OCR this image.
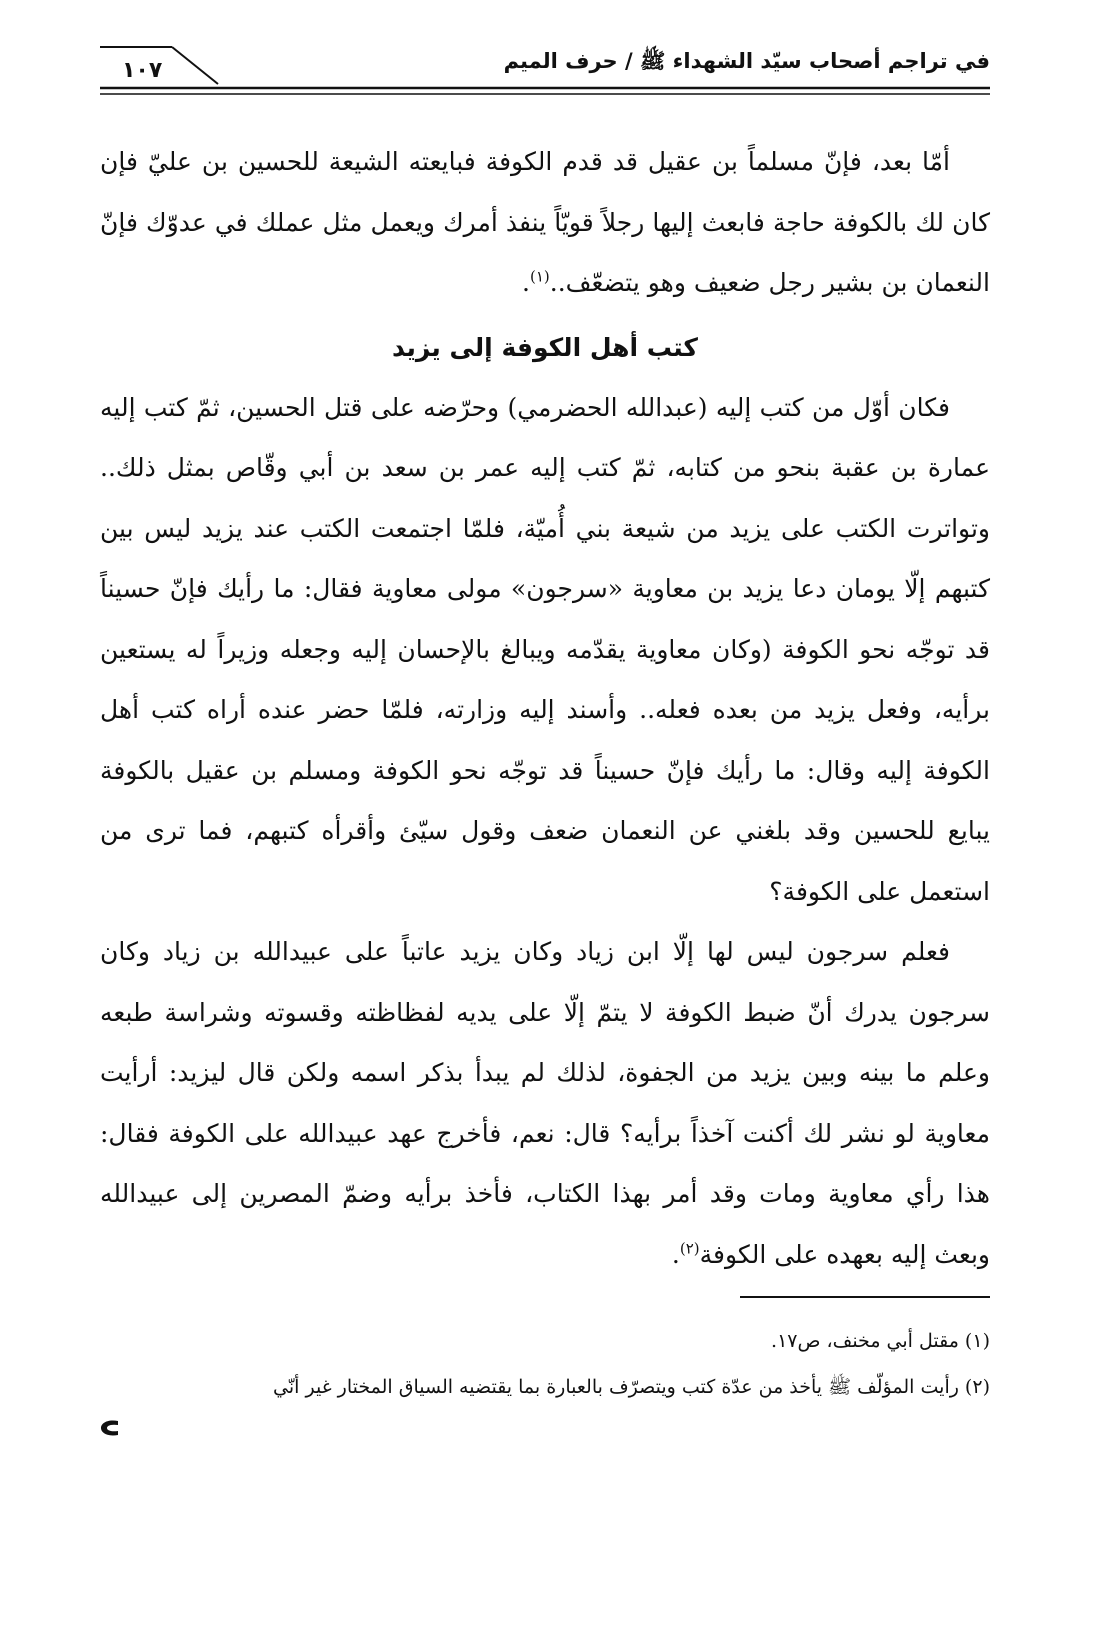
في تراجم أصحاب سيّد الشهداء ﷺ / حرف الميم
١٠٧

أمّا بعد، فإنّ مسلماً بن عقيل قد قدم الكوفة فبايعته الشيعة للحسين بن عليّ فإن كان لك بالكوفة حاجة فابعث إليها رجلاً قويّاً ينفذ أمرك ويعمل مثل عملك في عدوّك فإنّ النعمان بن بشير رجل ضعيف وهو يتضعّف..$^{(١)}$.

كتب أهل الكوفة إلى يزيد

فكان أوّل من كتب إليه (عبدالله الحضرمي) وحرّضه على قتل الحسين، ثمّ كتب إليه عمارة بن عقبة بنحو من كتابه، ثمّ كتب إليه عمر بن سعد بن أبي وقّاص بمثل ذلك.. وتواترت الكتب على يزيد من شيعة بني أُميّة، فلمّا اجتمعت الكتب عند يزيد ليس بين كتبهم إلّا يومان دعا يزيد بن معاوية «سرجون» مولى معاوية فقال: ما رأيك فإنّ حسيناً قد توجّه نحو الكوفة (وكان معاوية يقدّمه ويبالغ بالإحسان إليه وجعله وزيراً له يستعين برأيه، وفعل يزيد من بعده فعله.. وأسند إليه وزارته، فلمّا حضر عنده أراه كتب أهل الكوفة إليه وقال: ما رأيك فإنّ حسيناً قد توجّه نحو الكوفة ومسلم بن عقيل بالكوفة يبايع للحسين وقد بلغني عن النعمان ضعف وقول سيّئ وأقرأه كتبهم، فما ترى من استعمل على الكوفة؟

فعلم سرجون ليس لها إلّا ابن زياد وكان يزيد عاتباً على عبيدالله بن زياد وكان سرجون يدرك أنّ ضبط الكوفة لا يتمّ إلّا على يديه لفظاظته وقسوته وشراسة طبعه وعلم ما بينه وبين يزيد من الجفوة، لذلك لم يبدأ بذكر اسمه ولكن قال ليزيد: أرأيت معاوية لو نشر لك أكنت آخذاً برأيه؟ قال: نعم، فأخرج عهد عبيدالله على الكوفة فقال: هذا رأي معاوية ومات وقد أمر بهذا الكتاب، فأخذ برأيه وضمّ المصرين إلى عبيدالله وبعث إليه بعهده على الكوفة$^{(٢)}$.

(١) مقتل أبي مخنف، ص١٧.

(٢) رأيت المؤلّف ﷺ يأخذ من عدّة كتب ويتصرّف بالعبارة بما يقتضيه السياق المختار غير أنّي
